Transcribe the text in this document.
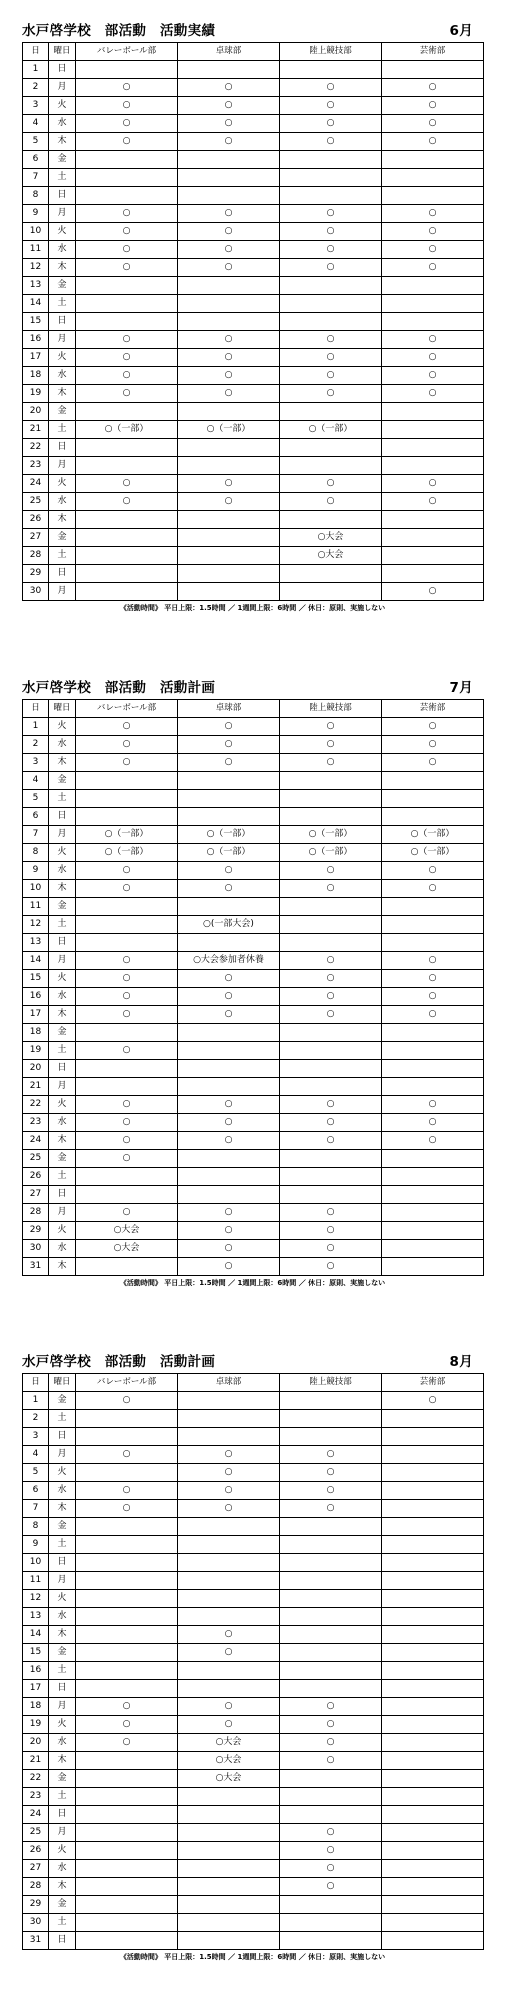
水戸啓学校　部活動　活動実績	6月
日	曜日	バレーボール部	卓球部	陸上競技部	芸術部
1	日				
2	月	○	○	○	○
3	火	○	○	○	○
4	水	○	○	○	○
5	木	○	○	○	○
6	金				
7	土				
8	日				
9	月	○	○	○	○
10	火	○	○	○	○
11	水	○	○	○	○
12	木	○	○	○	○
13	金				
14	土				
15	日				
16	月	○	○	○	○
17	火	○	○	○	○
18	水	○	○	○	○
19	木	○	○	○	○
20	金				
21	土	○（一部）	○（一部）	○（一部）	
22	日				
23	月				
24	火	○	○	○	○
25	水	○	○	○	○
26	木				
27	金			○大会	
28	土			○大会	
29	日				
30	月				○
《活動時間》 平日上限：1.5時間 ／ 1週間上限：6時間 ／ 休日：原則、実施しない
水戸啓学校　部活動　活動計画	7月
日	曜日	バレーボール部	卓球部	陸上競技部	芸術部
1	火	○	○	○	○
2	水	○	○	○	○
3	木	○	○	○	○
4	金				
5	土				
6	日				
7	月	○（一部）	○（一部）	○（一部）	○（一部）
8	火	○（一部）	○（一部）	○（一部）	○（一部）
9	水	○	○	○	○
10	木	○	○	○	○
11	金				
12	土		○(一部大会)		
13	日				
14	月	○	○大会参加者休養	○	○
15	火	○	○	○	○
16	水	○	○	○	○
17	木	○	○	○	○
18	金				
19	土	○			
20	日				
21	月				
22	火	○	○	○	○
23	水	○	○	○	○
24	木	○	○	○	○
25	金	○			
26	土				
27	日				
28	月	○	○	○	
29	火	○大会	○	○	
30	水	○大会	○	○	
31	木		○	○	
《活動時間》 平日上限：1.5時間 ／ 1週間上限：6時間 ／ 休日：原則、実施しない
水戸啓学校　部活動　活動計画	8月
日	曜日	バレーボール部	卓球部	陸上競技部	芸術部
1	金	○			○
2	土				
3	日				
4	月	○	○	○	
5	火		○	○	
6	水	○	○	○	
7	木	○	○	○	
8	金				
9	土				
10	日				
11	月				
12	火				
13	水				
14	木		○		
15	金		○		
16	土				
17	日				
18	月	○	○	○	
19	火	○	○	○	
20	水	○	○大会	○	
21	木		○大会	○	
22	金		○大会		
23	土				
24	日				
25	月			○	
26	火			○	
27	水			○	
28	木			○	
29	金				
30	土				
31	日				
《活動時間》 平日上限：1.5時間 ／ 1週間上限：6時間 ／ 休日：原則、実施しない
